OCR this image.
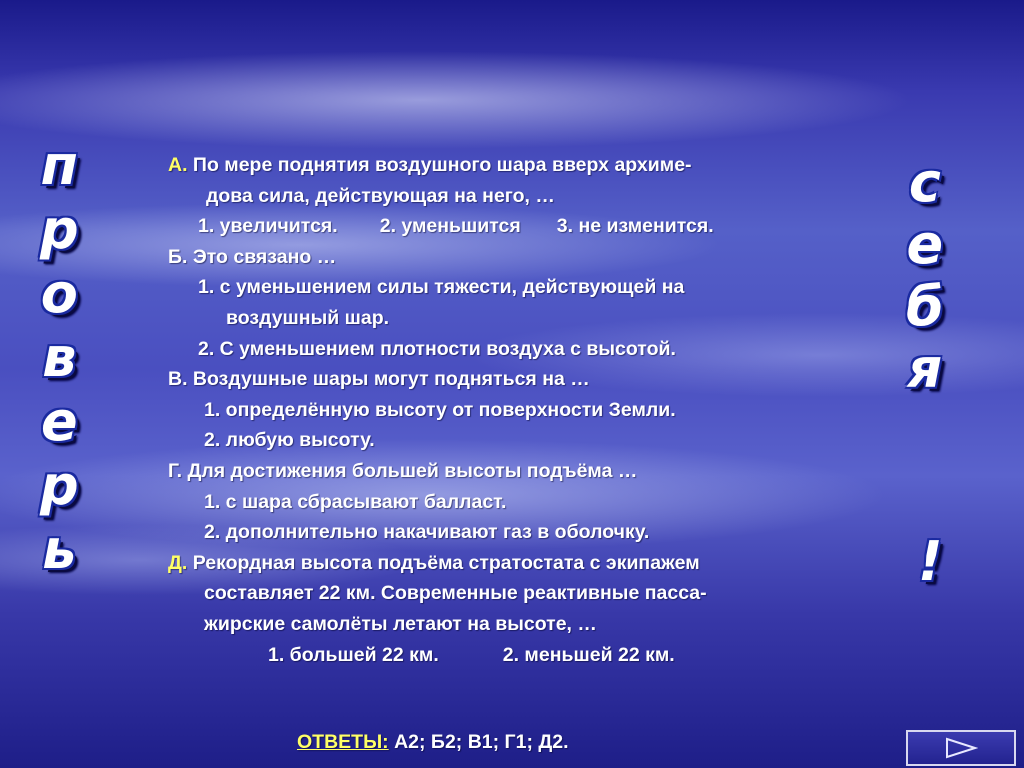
п
р
о
в
е
р
ь
с
е
б
я
!
А. По мере поднятия воздушного шара вверх архиме-
дова сила, действующая на него, …
1. увеличится. 2. уменьшится 3. не изменится.
Б. Это связано …
1. с уменьшением силы тяжести, действующей на
воздушный шар.
2. С уменьшением плотности воздуха с высотой.
В. Воздушные шары могут подняться на …
1. определённую высоту от поверхности Земли.
2. любую высоту.
Г. Для достижения большей высоты подъёма …
1. с шара сбрасывают балласт.
2. дополнительно накачивают газ в оболочку.
Д. Рекордная высота подъёма стратостата с экипажем
составляет 22 км. Современные реактивные пасса-
жирские самолёты летают на высоте, …
1. большей 22 км.	2. меньшей 22 км.
ОТВЕТЫ: А2; Б2; В1; Г1; Д2.
